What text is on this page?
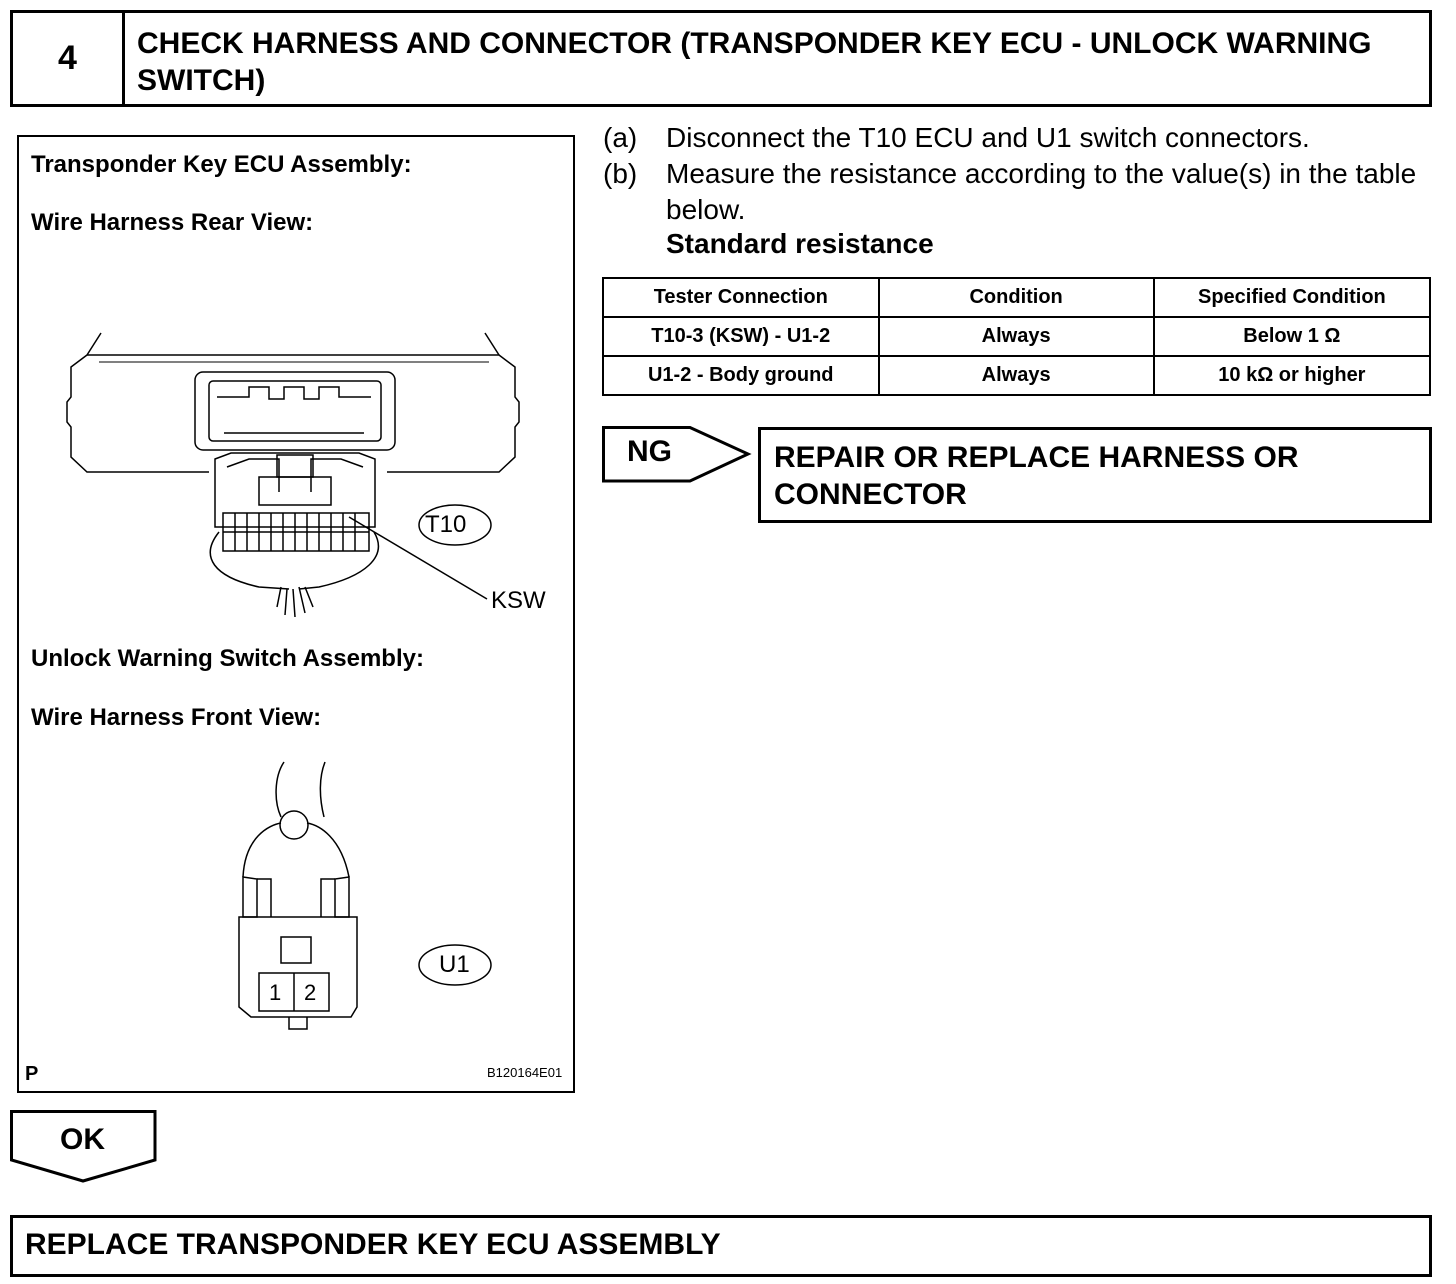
4	CHECK HARNESS AND CONNECTOR (TRANSPONDER KEY ECU - UNLOCK WARNING SWITCH)
Transponder Key ECU Assembly:
Wire Harness Rear View:
T10
KSW
Unlock Warning Switch Assembly:
Wire Harness Front View:
U1
1 2
P	B120164E01
(a) Disconnect the T10 ECU and U1 switch connectors.
(b) Measure the resistance according to the value(s) in the table below.
Standard resistance
Tester Connection	Condition	Specified Condition
T10-3 (KSW) - U1-2	Always	Below 1 Ω
U1-2 - Body ground	Always	10 kΩ or higher
NG	REPAIR OR REPLACE HARNESS OR CONNECTOR
OK
REPLACE TRANSPONDER KEY ECU ASSEMBLY
